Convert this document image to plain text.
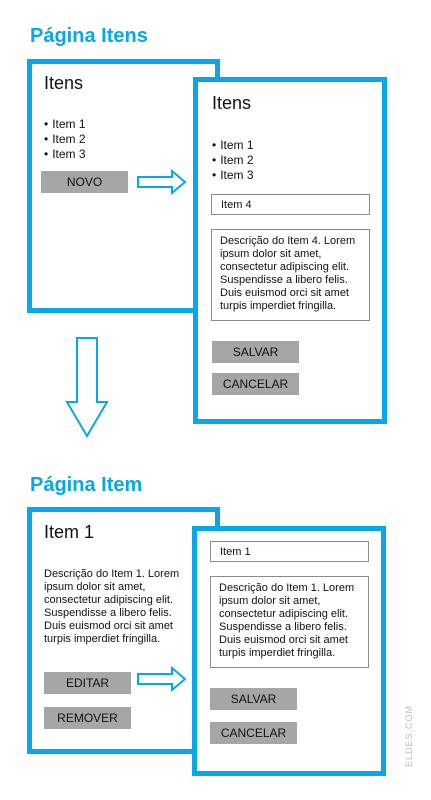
Página Itens
Itens
• Item 1
• Item 2
• Item 3
NOVO
Itens
• Item 1
• Item 2
• Item 3
Item 4
Descrição do Item 4. Lorem ipsum dolor sit amet, consectetur adipiscing elit. Suspendisse a libero felis. Duis euismod orci sit amet turpis imperdiet fringilla.
SALVAR
CANCELAR
Página Item
Item 1
Descrição do Item 1. Lorem ipsum dolor sit amet, consectetur adipiscing elit. Suspendisse a libero felis. Duis euismod orci sit amet turpis imperdiet fringilla.
EDITAR
REMOVER
Item 1
Descrição do Item 1. Lorem ipsum dolor sit amet, consectetur adipiscing elit. Suspendisse a libero felis. Duis euismod orci sit amet turpis imperdiet fringilla.
SALVAR
CANCELAR	ELDES.COM
